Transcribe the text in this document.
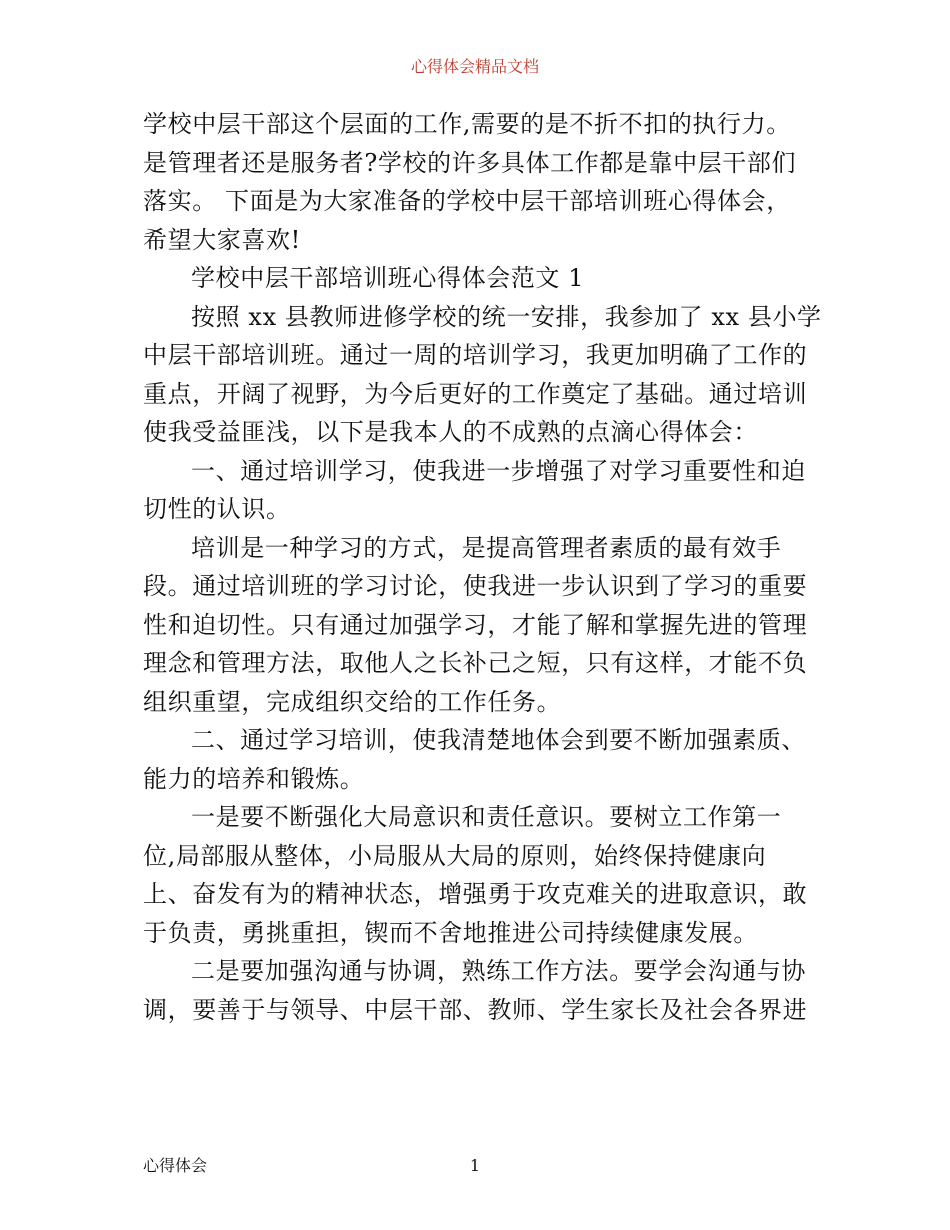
心得体会精品文档
学校中层干部这个层面的工作,需要的是不折不扣的执行力。
是管理者还是服务者?学校的许多具体工作都是靠中层干部们
落实。 下面是为大家准备的学校中层干部培训班心得体会，
希望大家喜欢!
学校中层干部培训班心得体会范文 1
按照 xx 县教师进修学校的统一安排，我参加了 xx 县小学
中层干部培训班。通过一周的培训学习，我更加明确了工作的
重点，开阔了视野，为今后更好的工作奠定了基础。通过培训
使我受益匪浅，以下是我本人的不成熟的点滴心得体会：
一、通过培训学习，使我进一步增强了对学习重要性和迫
切性的认识。
培训是一种学习的方式，是提高管理者素质的最有效手
段。通过培训班的学习讨论，使我进一步认识到了学习的重要
性和迫切性。只有通过加强学习，才能了解和掌握先进的管理
理念和管理方法，取他人之长补己之短，只有这样，才能不负
组织重望，完成组织交给的工作任务。
二、通过学习培训，使我清楚地体会到要不断加强素质、
能力的培养和锻炼。
一是要不断强化大局意识和责任意识。要树立工作第一
位,局部服从整体，小局服从大局的原则，始终保持健康向
上、奋发有为的精神状态，增强勇于攻克难关的进取意识，敢
于负责，勇挑重担，锲而不舍地推进公司持续健康发展。
二是要加强沟通与协调，熟练工作方法。要学会沟通与协
调，要善于与领导、中层干部、教师、学生家长及社会各界进
心得体会	1
